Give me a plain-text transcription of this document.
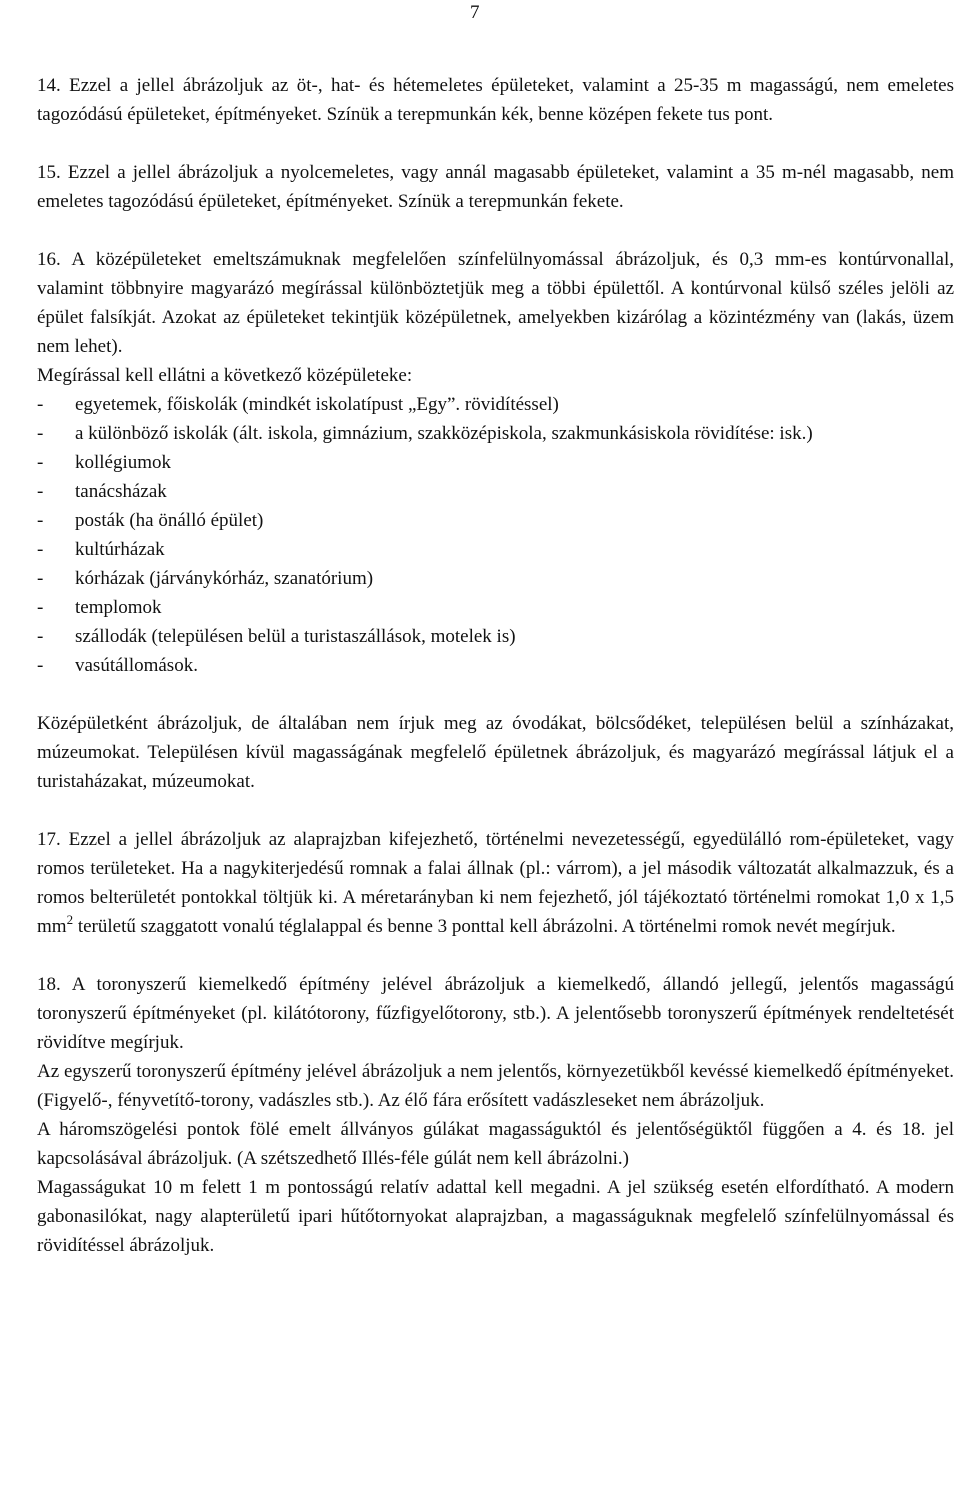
7

14. Ezzel a jellel ábrázoljuk az öt-, hat- és hétemeletes épületeket, valamint a 25-35 m magasságú, nem emeletes tagozódású épületeket, építményeket. Színük a terepmunkán kék, benne középen fekete tus pont.

15. Ezzel a jellel ábrázoljuk a nyolcemeletes, vagy annál magasabb épületeket, valamint a 35 m-nél magasabb, nem emeletes tagozódású épületeket, építményeket. Színük a terepmunkán fekete.

16. A középületeket emeltszámuknak megfelelően színfelülnyomással ábrázoljuk, és 0,3 mm-es kontúrvonallal, valamint többnyire magyarázó megírással különböztetjük meg a többi épülettől. A kontúrvonal külső széles jelöli az épület falsíkját. Azokat az épületeket tekintjük középületnek, amelyekben kizárólag a közintézmény van (lakás, üzem nem lehet).

Megírással kell ellátni a következő középületeke:

- egyetemek, főiskolák (mindkét iskolatípust „Egy”. rövidítéssel)
- a különböző iskolák (ált. iskola, gimnázium, szakközépiskola, szakmunkásiskola rövidítése: isk.)
- kollégiumok
- tanácsházak
- posták (ha önálló épület)
- kultúrházak
- kórházak (járványkórház, szanatórium)
- templomok
- szállodák (településen belül a turistaszállások, motelek is)
- vasútállomások.

Középületként ábrázoljuk, de általában nem írjuk meg az óvodákat, bölcsődéket, településen belül a színházakat, múzeumokat. Településen kívül magasságának megfelelő épületnek ábrázoljuk, és magyarázó megírással látjuk el a turistaházakat, múzeumokat.

17. Ezzel a jellel ábrázoljuk az alaprajzban kifejezhető, történelmi nevezetességű, egyedülálló rom-épületeket, vagy romos területeket. Ha a nagykiterjedésű romnak a falai állnak (pl.: várrom), a jel második változatát alkalmazzuk, és a romos belterületét pontokkal töltjük ki. A méretarányban ki nem fejezhető, jól tájékoztató történelmi romokat 1,0 x 1,5 $mm^2$ területű szaggatott vonalú téglalappal és benne 3 ponttal kell ábrázolni. A történelmi romok nevét megírjuk.

18. A toronyszerű kiemelkedő építmény jelével ábrázoljuk a kiemelkedő, állandó jellegű, jelentős magasságú toronyszerű építményeket (pl. kilátótorony, fűzfigyelőtorony, stb.). A jelentősebb toronyszerű építmények rendeltetését rövidítve megírjuk.

Az egyszerű toronyszerű építmény jelével ábrázoljuk a nem jelentős, környezetükből kevéssé kiemelkedő építményeket. (Figyelő-, fényvetítő-torony, vadászles stb.). Az élő fára erősített vadászleseket nem ábrázoljuk.

A háromszögelési pontok fölé emelt állványos gúlákat magasságuktól és jelentőségüktől függően a 4. és 18. jel kapcsolásával ábrázoljuk. (A szétszedhető Illés-féle gúlát nem kell ábrázolni.)

Magasságukat 10 m felett 1 m pontosságú relatív adattal kell megadni. A jel szükség esetén elfordítható. A modern gabonasilókat, nagy alapterületű ipari hűtőtornyokat alaprajzban, a magasságuknak megfelelő színfelülnyomással és rövidítéssel ábrázoljuk.
